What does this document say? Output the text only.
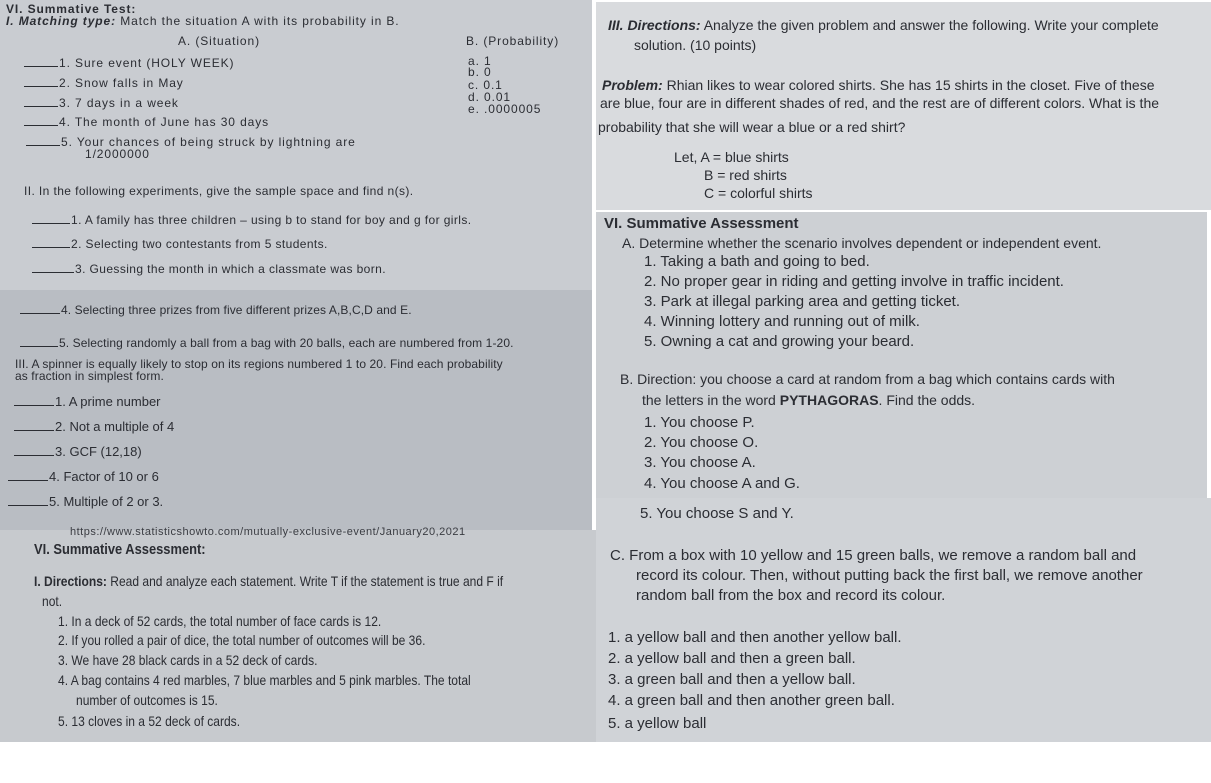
VI. Summative Test:
I. Matching type: Match the situation A with its probability in B.
A. (Situation)	B. (Probability)
1. Sure event (HOLY WEEK)
2. Snow falls in May
3. 7 days in a week
4. The month of June has 30 days
5. Your chances of being struck by lightning are
1/2000000
a. 1
b. 0
c. 0.1
d. 0.01
e. .0000005
II. In the following experiments, give the sample space and find n(s).
1. A family has three children – using b to stand for boy and g for girls.
2. Selecting two contestants from 5 students.
3. Guessing the month in which a classmate was born.
4. Selecting three prizes from five different prizes A,B,C,D and E.
5. Selecting randomly a ball from a bag with 20 balls, each are numbered from 1-20.
III. A spinner is equally likely to stop on its regions numbered 1 to 20. Find each probability
as fraction in simplest form.
1. A prime number
2. Not a multiple of 4
3. GCF (12,18)
4. Factor of 10 or 6
5. Multiple of 2 or 3.
III. Directions: Analyze the given problem and answer the following. Write your complete
solution. (10 points)
Problem: Rhian likes to wear colored shirts. She has 15 shirts in the closet. Five of these
are blue, four are in different shades of red, and the rest are of different colors. What is the
probability that she will wear a blue or a red shirt?
Let, A = blue shirts
B = red shirts
C = colorful shirts
VI. Summative Assessment
A. Determine whether the scenario involves dependent or independent event.
1. Taking a bath and going to bed.
2. No proper gear in riding and getting involve in traffic incident.
3. Park at illegal parking area and getting ticket.
4. Winning lottery and running out of milk.
5. Owning a cat and growing your beard.
B. Direction: you choose a card at random from a bag which contains cards with
the letters in the word PYTHAGORAS. Find the odds.
1. You choose P.
2. You choose O.
3. You choose A.
4. You choose A and G.
https://www.statisticshowto.com/mutually-exclusive-event/January20,2021
VI. Summative Assessment:
I. Directions: Read and analyze each statement. Write T if the statement is true and F if
not.
1. In a deck of 52 cards, the total number of face cards is 12.
2. If you rolled a pair of dice, the total number of outcomes will be 36.
3. We have 28 black cards in a 52 deck of cards.
4. A bag contains 4 red marbles, 7 blue marbles and 5 pink marbles. The total
number of outcomes is 15.
5. 13 cloves in a 52 deck of cards.
5. You choose S and Y.
C. From a box with 10 yellow and 15 green balls, we remove a random ball and
record its colour. Then, without putting back the first ball, we remove another
random ball from the box and record its colour.
1. a yellow ball and then another yellow ball.
2. a yellow ball and then a green ball.
3. a green ball and then a yellow ball.
4. a green ball and then another green ball.
5. a yellow ball
